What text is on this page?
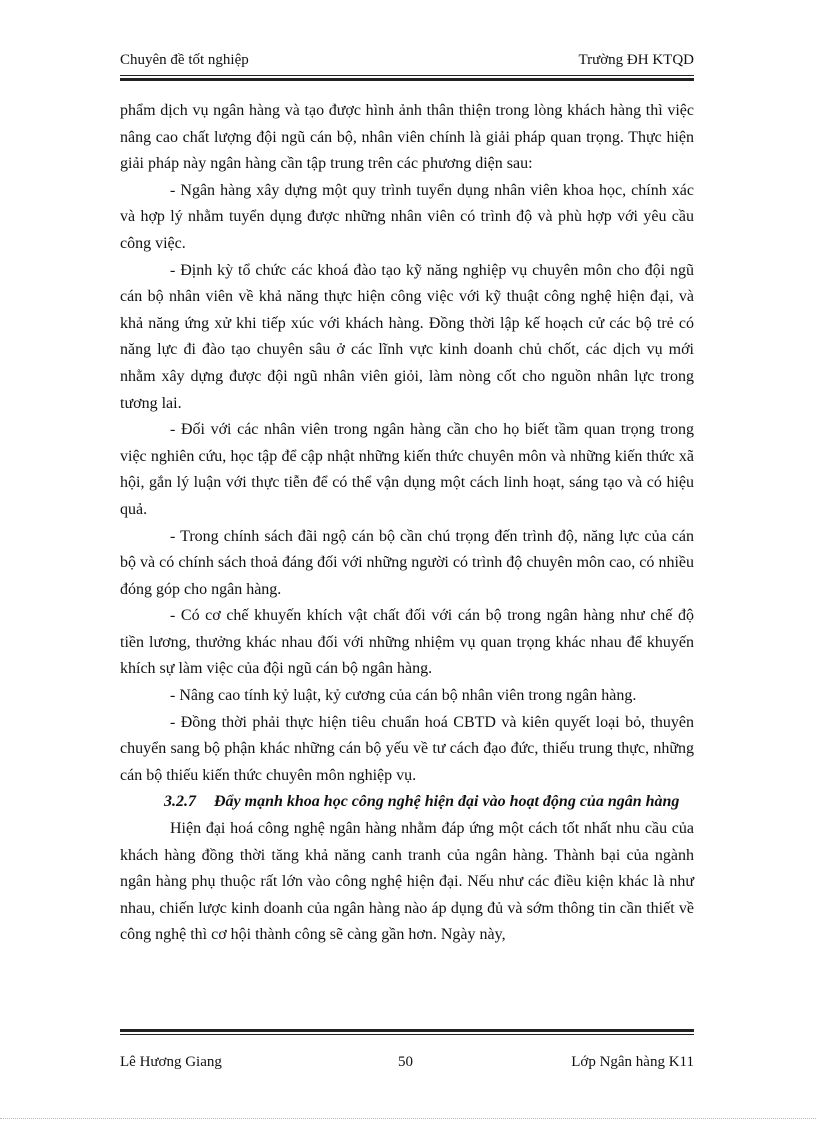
Chuyên đề tốt nghiệp	Trường ĐH KTQD

phẩm dịch vụ ngân hàng và tạo được hình ảnh thân thiện trong lòng khách hàng thì việc nâng cao chất lượng đội ngũ cán bộ, nhân viên chính là giải pháp quan trọng. Thực hiện giải pháp này ngân hàng cần tập trung trên các phương diện sau:

- Ngân hàng xây dựng một quy trình tuyển dụng nhân viên khoa học, chính xác và hợp lý nhằm tuyển dụng được những nhân viên có trình độ và phù hợp với yêu cầu công việc.

- Định kỳ tổ chức các khoá đào tạo kỹ năng nghiệp vụ chuyên môn cho đội ngũ cán bộ nhân viên về khả năng thực hiện công việc với kỹ thuật công nghệ hiện đại, và khả năng ứng xử khi tiếp xúc với khách hàng. Đồng thời lập kế hoạch cử các bộ trẻ có năng lực đi đào tạo chuyên sâu ở các lĩnh vực kinh doanh chủ chốt, các dịch vụ mới nhằm xây dựng được đội ngũ nhân viên giỏi, làm nòng cốt cho nguồn nhân lực trong tương lai.

- Đối với các nhân viên trong ngân hàng cần cho họ biết tầm quan trọng trong việc nghiên cứu, học tập để cập nhật những kiến thức chuyên môn và những kiến thức xã hội, gắn lý luận với thực tiễn để có thể vận dụng một cách linh hoạt, sáng tạo và có hiệu quả.

- Trong chính sách đãi ngộ cán bộ cần chú trọng đến trình độ, năng lực của cán bộ và có chính sách thoả đáng đối với những người có trình độ chuyên môn cao, có nhiều đóng góp cho ngân hàng.

- Có cơ chế khuyến khích vật chất đối với cán bộ trong ngân hàng như chế độ tiền lương, thưởng khác nhau đối với những nhiệm vụ quan trọng khác nhau để khuyến khích sự làm việc của đội ngũ cán bộ ngân hàng.

- Nâng cao tính kỷ luật, kỷ cương của cán bộ nhân viên trong ngân hàng.

- Đồng thời phải thực hiện tiêu chuẩn hoá CBTD và kiên quyết loại bỏ, thuyên chuyển sang bộ phận khác những cán bộ yếu về tư cách đạo đức, thiếu trung thực, những cán bộ thiếu kiến thức chuyên môn nghiệp vụ.

3.2.7 Đẩy mạnh khoa học công nghệ hiện đại vào hoạt động của ngân hàng

Hiện đại hoá công nghệ ngân hàng nhằm đáp ứng một cách tốt nhất nhu cầu của khách hàng đồng thời tăng khả năng canh tranh của ngân hàng. Thành bại của ngành ngân hàng phụ thuộc rất lớn vào công nghệ hiện đại. Nếu như các điều kiện khác là như nhau, chiến lược kinh doanh của ngân hàng nào áp dụng đủ và sớm thông tin cần thiết về công nghệ thì cơ hội thành công sẽ càng gần hơn. Ngày này,

Lê Hương Giang	50	Lớp Ngân hàng K11
